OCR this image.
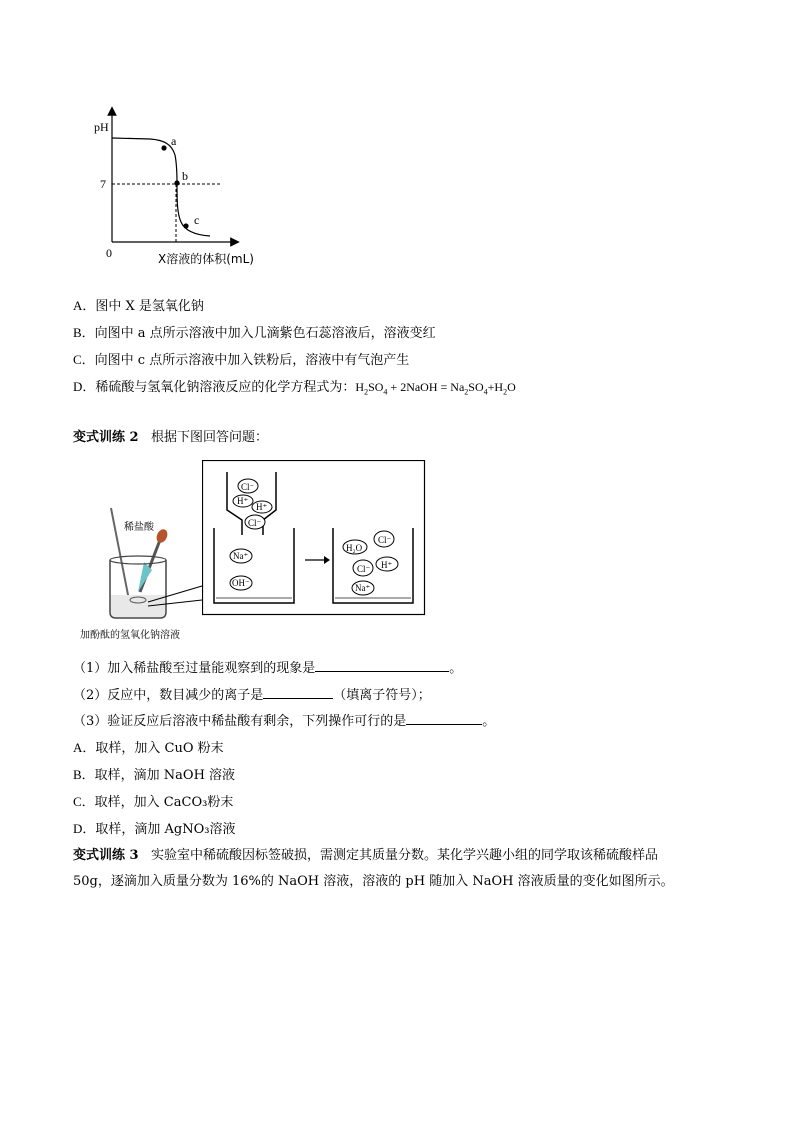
pH
7
0
a
b
c
X溶液的体积(mL)
A．图中 X 是氢氧化钠
B．向图中 a 点所示溶液中加入几滴紫色石蕊溶液后，溶液变红
C．向图中 c 点所示溶液中加入铁粉后，溶液中有气泡产生
D．稀硫酸与氢氧化钠溶液反应的化学方程式为：$H_2SO_4$ + 2NaOH = $Na_2SO_4+H_2O$
变式训练 2 根据下图回答问题：
稀盐酸
加酚酞的氢氧化钠溶液
Cl⁻
H⁺
H⁺
Cl⁻
Na⁺
OH⁻
H₂O
Cl⁻
Cl⁻ H⁺
Na⁺
（1）加入稀盐酸至过量能观察到的现象是	。
（2）反应中，数目减少的离子是	（填离子符号）；
（3）验证反应后溶液中稀盐酸有剩余，下列操作可行的是	。
A．取样，加入 CuO 粉末
B．取样，滴加 NaOH 溶液
C．取样，加入 CaCO₃粉末
D．取样，滴加 AgNO₃溶液
变式训练 3 实验室中稀硫酸因标签破损，需测定其质量分数。某化学兴趣小组的同学取该稀硫酸样品
50g，逐滴加入质量分数为 16%的 NaOH 溶液，溶液的 pH 随加入 NaOH 溶液质量的变化如图所示。
